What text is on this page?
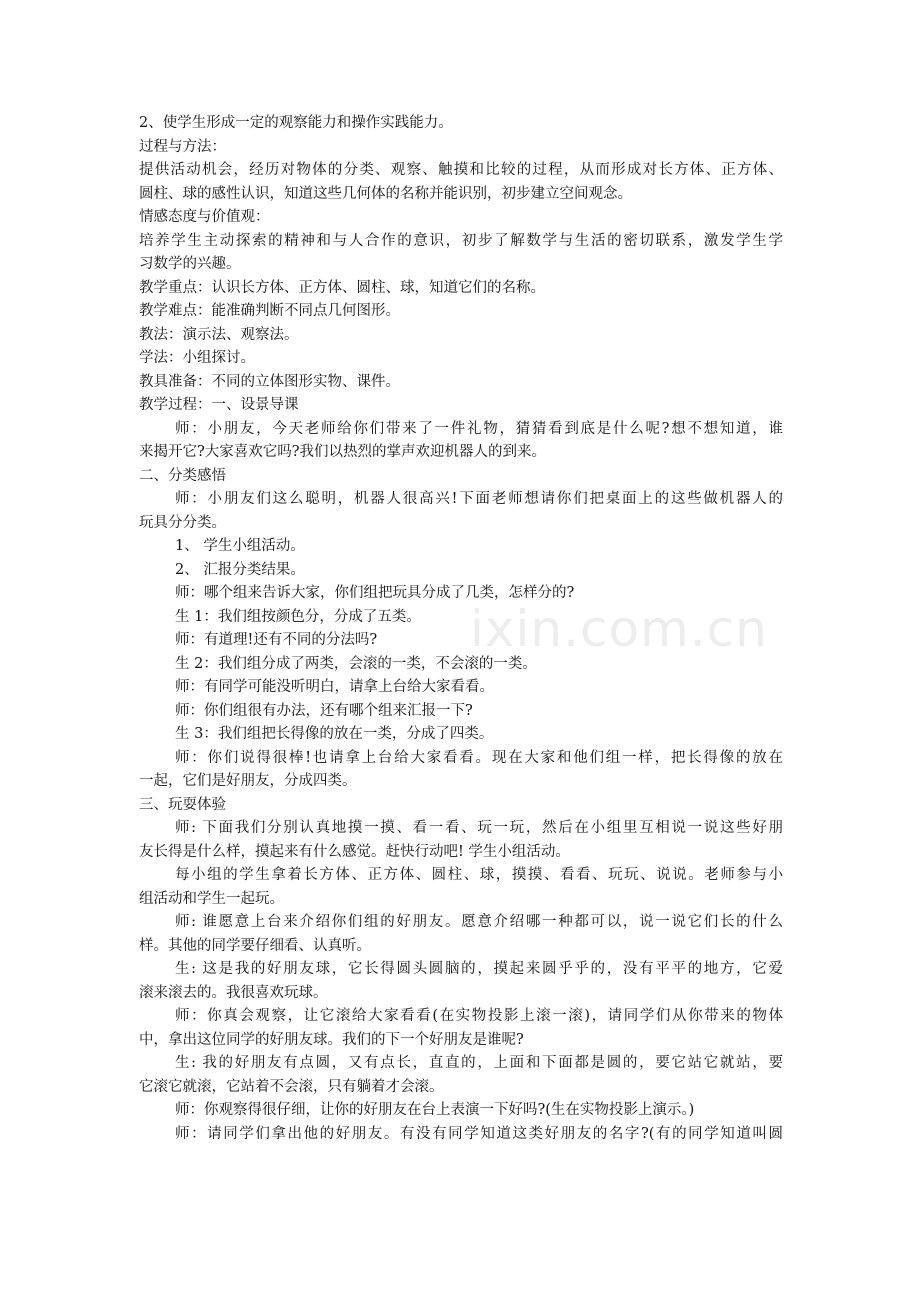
2、使学生形成一定的观察能力和操作实践能力。
过程与方法：
提供活动机会，经历对物体的分类、观察、触摸和比较的过程，从而形成对长方体、正方体、
圆柱、球的感性认识，知道这些几何体的名称并能识别，初步建立空间观念。
情感态度与价值观：
培养学生主动探索的精神和与人合作的意识，初步了解数学与生活的密切联系，激发学生学
习数学的兴趣。
教学重点：认识长方体、正方体、圆柱、球，知道它们的名称。
教学难点：能准确判断不同点几何图形。
教法：演示法、观察法。
学法：小组探讨。
教具准备：不同的立体图形实物、课件。
教学过程：一、设景导课
师：小朋友，今天老师给你们带来了一件礼物，猜猜看到底是什么呢?想不想知道，谁
来揭开它?大家喜欢它吗?我们以热烈的掌声欢迎机器人的到来。
二、分类感悟
师：小朋友们这么聪明，机器人很高兴!下面老师想请你们把桌面上的这些做机器人的
玩具分分类。
1、 学生小组活动。
2、 汇报分类结果。
师：哪个组来告诉大家，你们组把玩具分成了几类，怎样分的?
生 1：我们组按颜色分，分成了五类。
师：有道理!还有不同的分法吗?
生 2：我们组分成了两类，会滚的一类，不会滚的一类。
师：有同学可能没听明白，请拿上台给大家看看。
师：你们组很有办法，还有哪个组来汇报一下?
生 3：我们组把长得像的放在一类，分成了四类。
师：你们说得很棒!也请拿上台给大家看看。现在大家和他们组一样，把长得像的放在
一起，它们是好朋友，分成四类。
三、玩耍体验
师: 下面我们分别认真地摸一摸、看一看、玩一玩，然后在小组里互相说一说这些好朋
友长得是什么样，摸起来有什么感觉。赶快行动吧! 学生小组活动。
每小组的学生拿着长方体、正方体、圆柱、球，摸摸、看看、玩玩、说说。老师参与小
组活动和学生一起玩。
师: 谁愿意上台来介绍你们组的好朋友。愿意介绍哪一种都可以，说一说它们长的什么
样。其他的同学要仔细看、认真听。
生: 这是我的好朋友球，它长得圆头圆脑的，摸起来圆乎乎的，没有平平的地方，它爱
滚来滚去的。我很喜欢玩球。
师：你真会观察，让它滚给大家看看(在实物投影上滚一滚)，请同学们从你带来的物体
中，拿出这位同学的好朋友球。我们的下一个好朋友是谁呢?
生: 我的好朋友有点圆，又有点长，直直的，上面和下面都是圆的，要它站它就站，要
它滚它就滚，它站着不会滚，只有躺着才会滚。
师：你观察得很仔细，让你的好朋友在台上表演一下好吗?(生在实物投影上演示。)
师：请同学们拿出他的好朋友。有没有同学知道这类好朋友的名字?(有的同学知道叫圆
ixin.com.cn
